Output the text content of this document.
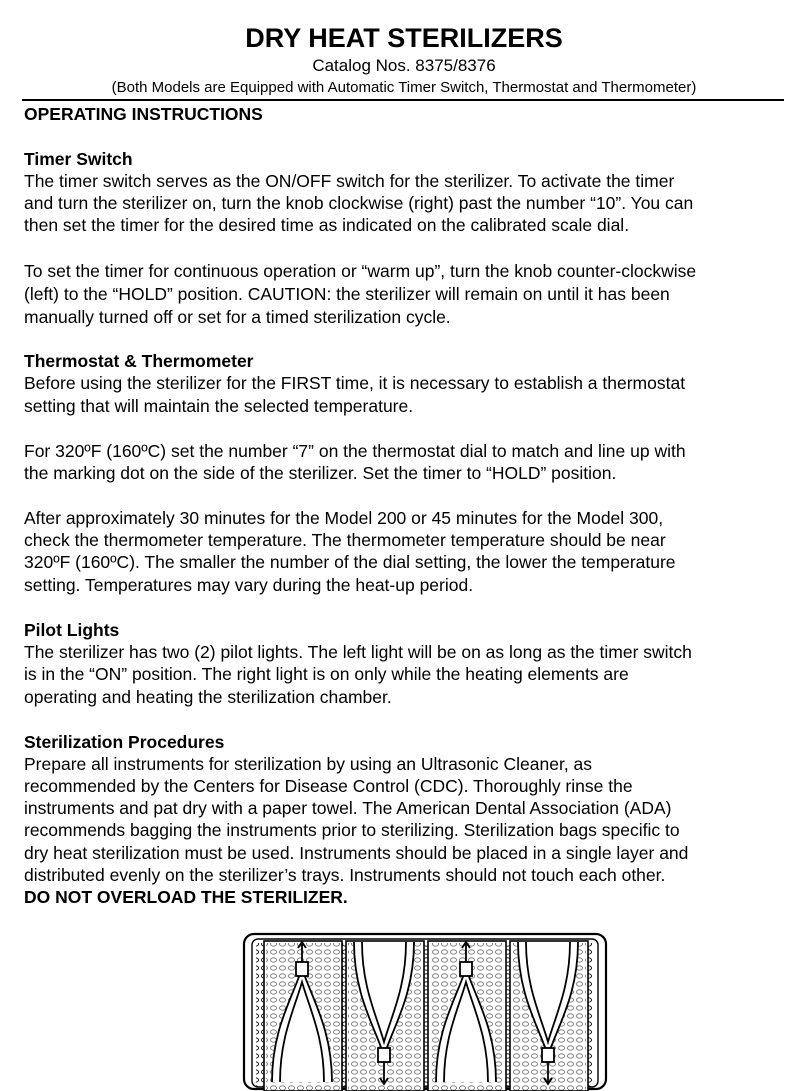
DRY HEAT STERILIZERS
Catalog Nos. 8375/8376
(Both Models are Equipped with Automatic Timer Switch, Thermostat and Thermometer)
OPERATING INSTRUCTIONS
Timer Switch
The timer switch serves as the ON/OFF switch for the sterilizer. To activate the timer
and turn the sterilizer on, turn the knob clockwise (right) past the number “10”. You can
then set the timer for the desired time as indicated on the calibrated scale dial.
To set the timer for continuous operation or “warm up”, turn the knob counter-clockwise
(left) to the “HOLD” position. CAUTION: the sterilizer will remain on until it has been
manually turned off or set for a timed sterilization cycle.
Thermostat & Thermometer
Before using the sterilizer for the FIRST time, it is necessary to establish a thermostat
setting that will maintain the selected temperature.
For 320ºF (160ºC) set the number “7” on the thermostat dial to match and line up with
the marking dot on the side of the sterilizer. Set the timer to “HOLD” position.
After approximately 30 minutes for the Model 200 or 45 minutes for the Model 300,
check the thermometer temperature. The thermometer temperature should be near
320ºF (160ºC). The smaller the number of the dial setting, the lower the temperature
setting. Temperatures may vary during the heat-up period.
Pilot Lights
The sterilizer has two (2) pilot lights. The left light will be on as long as the timer switch
is in the “ON” position. The right light is on only while the heating elements are
operating and heating the sterilization chamber.
Sterilization Procedures
Prepare all instruments for sterilization by using an Ultrasonic Cleaner, as
recommended by the Centers for Disease Control (CDC). Thoroughly rinse the
instruments and pat dry with a paper towel. The American Dental Association (ADA)
recommends bagging the instruments prior to sterilizing. Sterilization bags specific to
dry heat sterilization must be used. Instruments should be placed in a single layer and
distributed evenly on the sterilizer’s trays. Instruments should not touch each other.
DO NOT OVERLOAD THE STERILIZER.
